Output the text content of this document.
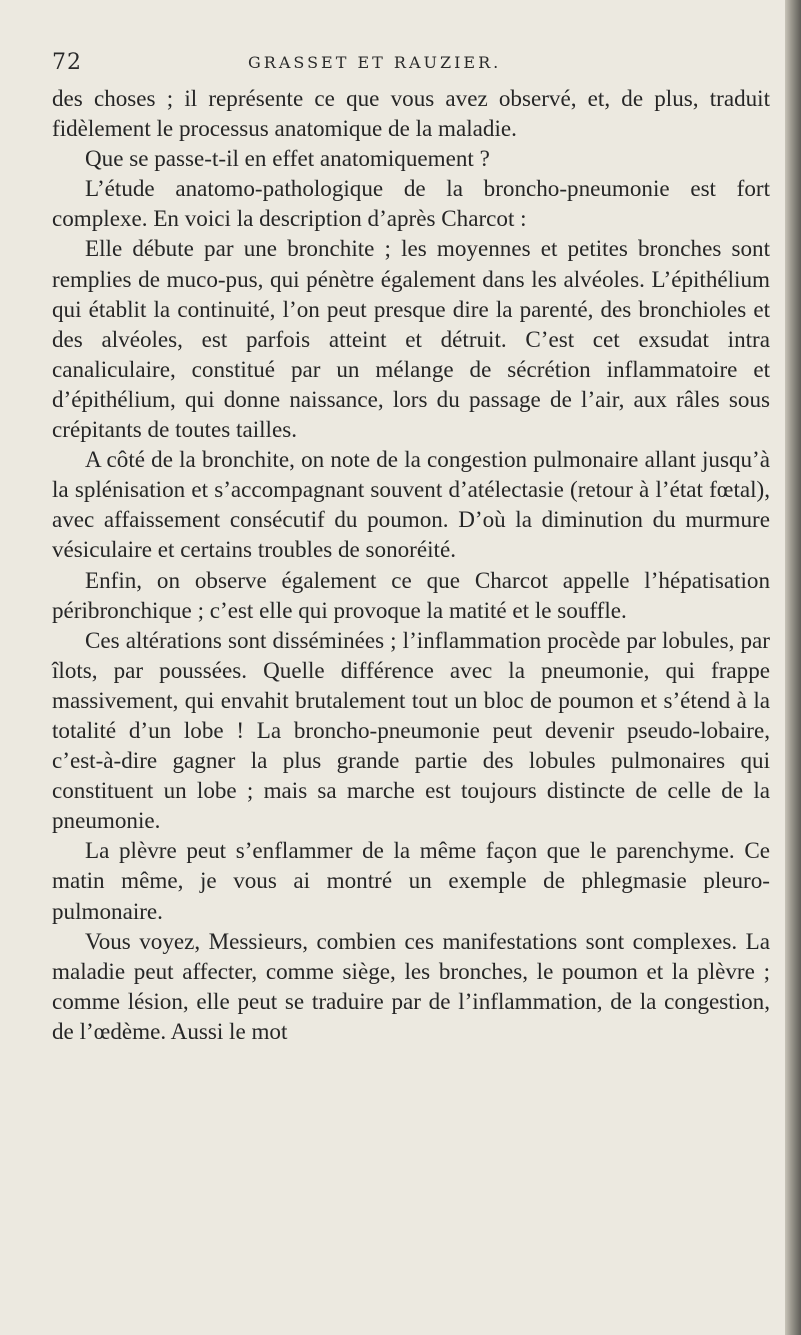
72	GRASSET ET RAUZIER.

des choses ; il représente ce que vous avez observé, et, de plus, traduit fidèlement le processus anatomique de la maladie.

Que se passe-t-il en effet anatomiquement ?

L’étude anatomo-pathologique de la broncho-pneumonie est fort complexe. En voici la description d’après Charcot :

Elle débute par une bronchite ; les moyennes et petites bronches sont remplies de muco-pus, qui pénètre également dans les alvéoles. L’épithélium qui établit la continuité, l’on peut presque dire la parenté, des bronchioles et des alvéoles, est parfois atteint et détruit. C’est cet exsudat intra canaliculaire, constitué par un mélange de sécrétion inflammatoire et d’épithélium, qui donne naissance, lors du passage de l’air, aux râles sous crépitants de toutes tailles.

A côté de la bronchite, on note de la congestion pulmonaire allant jusqu’à la splénisation et s’accompagnant souvent d’atélectasie (retour à l’état fœtal), avec affaissement consécutif du poumon. D’où la diminution du murmure vésiculaire et certains troubles de sonoréité.

Enfin, on observe également ce que Charcot appelle l’hépatisation péribronchique ; c’est elle qui provoque la matité et le souffle.

Ces altérations sont disséminées ; l’inflammation procède par lobules, par îlots, par poussées. Quelle différence avec la pneumonie, qui frappe massivement, qui envahit brutalement tout un bloc de poumon et s’étend à la totalité d’un lobe ! La broncho-pneumonie peut devenir pseudo-lobaire, c’est-à-dire gagner la plus grande partie des lobules pulmonaires qui constituent un lobe ; mais sa marche est toujours distincte de celle de la pneumonie.

La plèvre peut s’enflammer de la même façon que le parenchyme. Ce matin même, je vous ai montré un exemple de phlegmasie pleuro-pulmonaire.

Vous voyez, Messieurs, combien ces manifestations sont complexes. La maladie peut affecter, comme siège, les bronches, le poumon et la plèvre ; comme lésion, elle peut se traduire par de l’inflammation, de la congestion, de l’œdème. Aussi le mot
